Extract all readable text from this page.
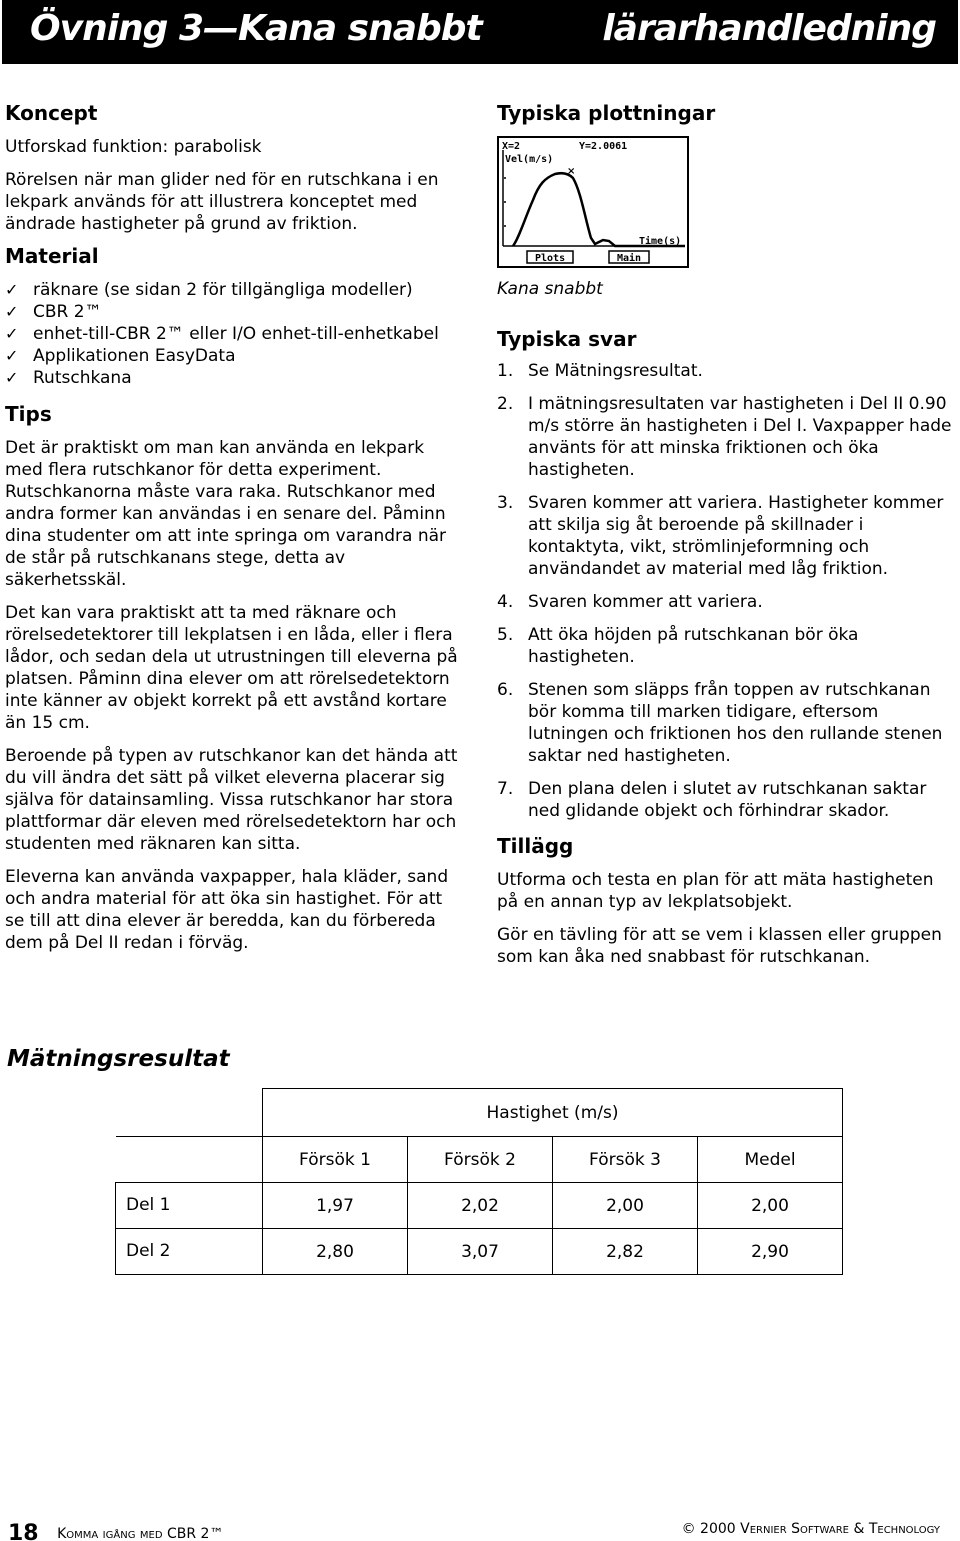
Övning 3—Kana snabbt	lärarhandledning
Koncept

Utforskad funktion: parabolisk

Rörelsen när man glider ned för en rutschkana i en lekpark används för att illustrera konceptet med ändrade hastigheter på grund av friktion.

Material
✓ räknare (se sidan 2 för tillgängliga modeller)
✓ CBR 2™
✓ enhet-till-CBR 2™ eller I/O enhet-till-enhetkabel
✓ Applikationen EasyData
✓ Rutschkana
Tips

Det är praktiskt om man kan använda en lekpark med flera rutschkanor för detta experiment. Rutschkanorna måste vara raka. Rutschkanor med andra former kan användas i en senare del. Påminn dina studenter om att inte springa om varandra när de står på rutschkanans stege, detta av säkerhetsskäl.

Det kan vara praktiskt att ta med räknare och rörelsedetektorer till lekplatsen i en låda, eller i flera lådor, och sedan dela ut utrustningen till eleverna på platsen. Påminn dina elever om att rörelsedetektorn inte känner av objekt korrekt på ett avstånd kortare än 15 cm.

Beroende på typen av rutschkanor kan det hända att du vill ändra det sätt på vilket eleverna placerar sig själva för datainsamling. Vissa rutschkanor har stora plattformar där eleven med rörelsedetektorn har och studenten med räknaren kan sitta.

Eleverna kan använda vaxpapper, hala kläder, sand och andra material för att öka sin hastighet. För att se till att dina elever är beredda, kan du förbereda dem på Del II redan i förväg.

Typiska plottningar
X=2	Y=2.0061
Vel(m/s)
×
Time(s)
Plots	Main
Kana snabbt
Typiska svar
1. Se Mätningsresultat.
2. I mätningsresultaten var hastigheten i Del II 0.90 m/s större än hastigheten i Del I. Vaxpapper hade använts för att minska friktionen och öka hastigheten.
3. Svaren kommer att variera. Hastigheter kommer att skilja sig åt beroende på skillnader i kontaktyta, vikt, strömlinjeformning och användandet av material med låg friktion.
4. Svaren kommer att variera.
5. Att öka höjden på rutschkanan bör öka hastigheten.
6. Stenen som släpps från toppen av rutschkanan bör komma till marken tidigare, eftersom lutningen och friktionen hos den rullande stenen saktar ned hastigheten.
7. Den plana delen i slutet av rutschkanan saktar ned glidande objekt och förhindrar skador.
Tillägg

Utforma och testa en plan för att mäta hastigheten på en annan typ av lekplatsobjekt.

Gör en tävling för att se vem i klassen eller gruppen som kan åka ned snabbast för rutschkanan.

Mätningsresultat
	Hastighet (m/s)			
	Försök 1	Försök 2	Försök 3	Medel
Del 1	1,97	2,02	2,00	2,00
Del 2	2,80	3,07	2,82	2,90
18 Komma igång med CBR 2™	© 2000 Vernier Software & Technology
